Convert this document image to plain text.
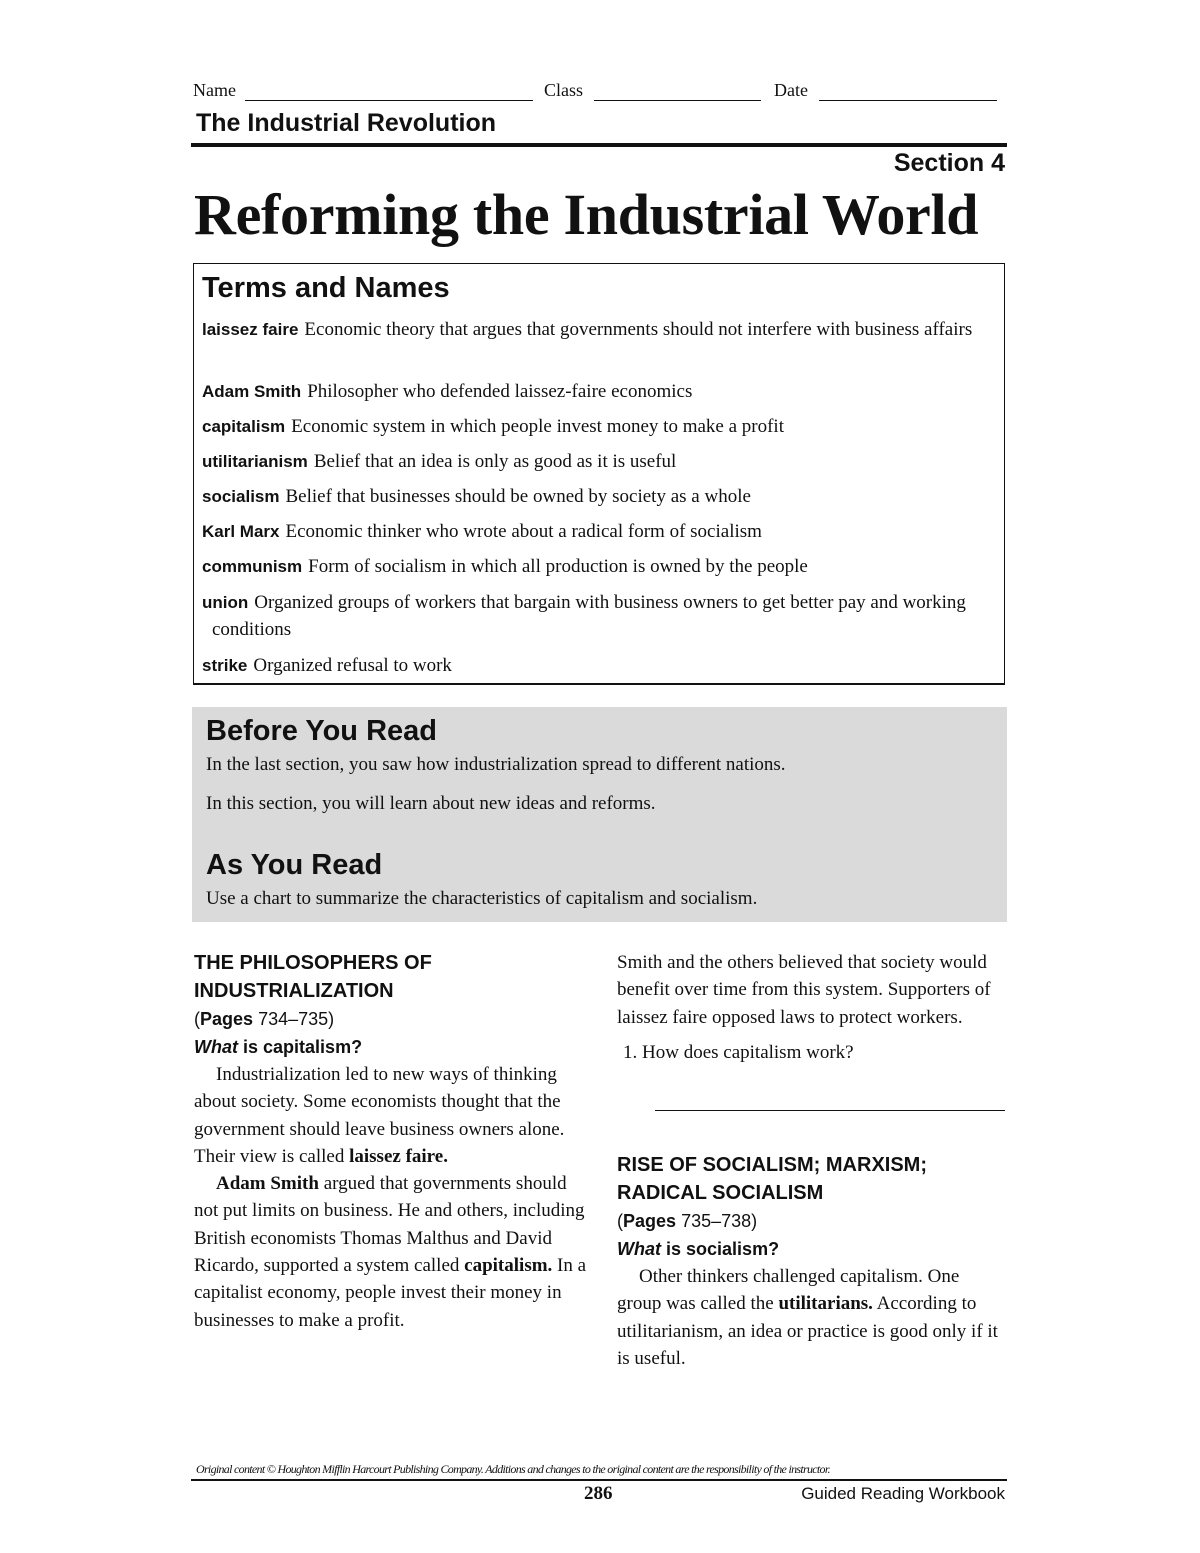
Name	Class	Date
The Industrial Revolution
Section 4
Reforming the Industrial World
Terms and Names
laissez faire Economic theory that argues that governments should not interfere with business affairs
Adam Smith Philosopher who defended laissez-faire economics
capitalism Economic system in which people invest money to make a profit
utilitarianism Belief that an idea is only as good as it is useful
socialism Belief that businesses should be owned by society as a whole
Karl Marx Economic thinker who wrote about a radical form of socialism
communism Form of socialism in which all production is owned by the people
union Organized groups of workers that bargain with business owners to get better pay and working conditions
strike Organized refusal to work
Before You Read

In the last section, you saw how industrialization spread to different nations.

In this section, you will learn about new ideas and reforms.

As You Read

Use a chart to summarize the characteristics of capitalism and socialism.

THE PHILOSOPHERS OF INDUSTRIALIZATION
(Pages 734–735)
What is capitalism?

Industrialization led to new ways of thinking about society. Some economists thought that the government should leave business owners alone. Their view is called laissez faire.

Adam Smith argued that governments should not put limits on business. He and others, including British economists Thomas Malthus and David Ricardo, supported a system called capitalism. In a capitalist economy, people invest their money in businesses to make a profit.

Smith and the others believed that society would benefit over time from this system. Supporters of laissez faire opposed laws to protect workers.

1. How does capitalism work?
RISE OF SOCIALISM; MARXISM; RADICAL SOCIALISM
(Pages 735–738)
What is socialism?

Other thinkers challenged capitalism. One group was called the utilitarians. According to utilitarianism, an idea or practice is good only if it is useful.

Original content © Houghton Mifflin Harcourt Publishing Company. Additions and changes to the original content are the responsibility of the instructor.
286	Guided Reading Workbook
